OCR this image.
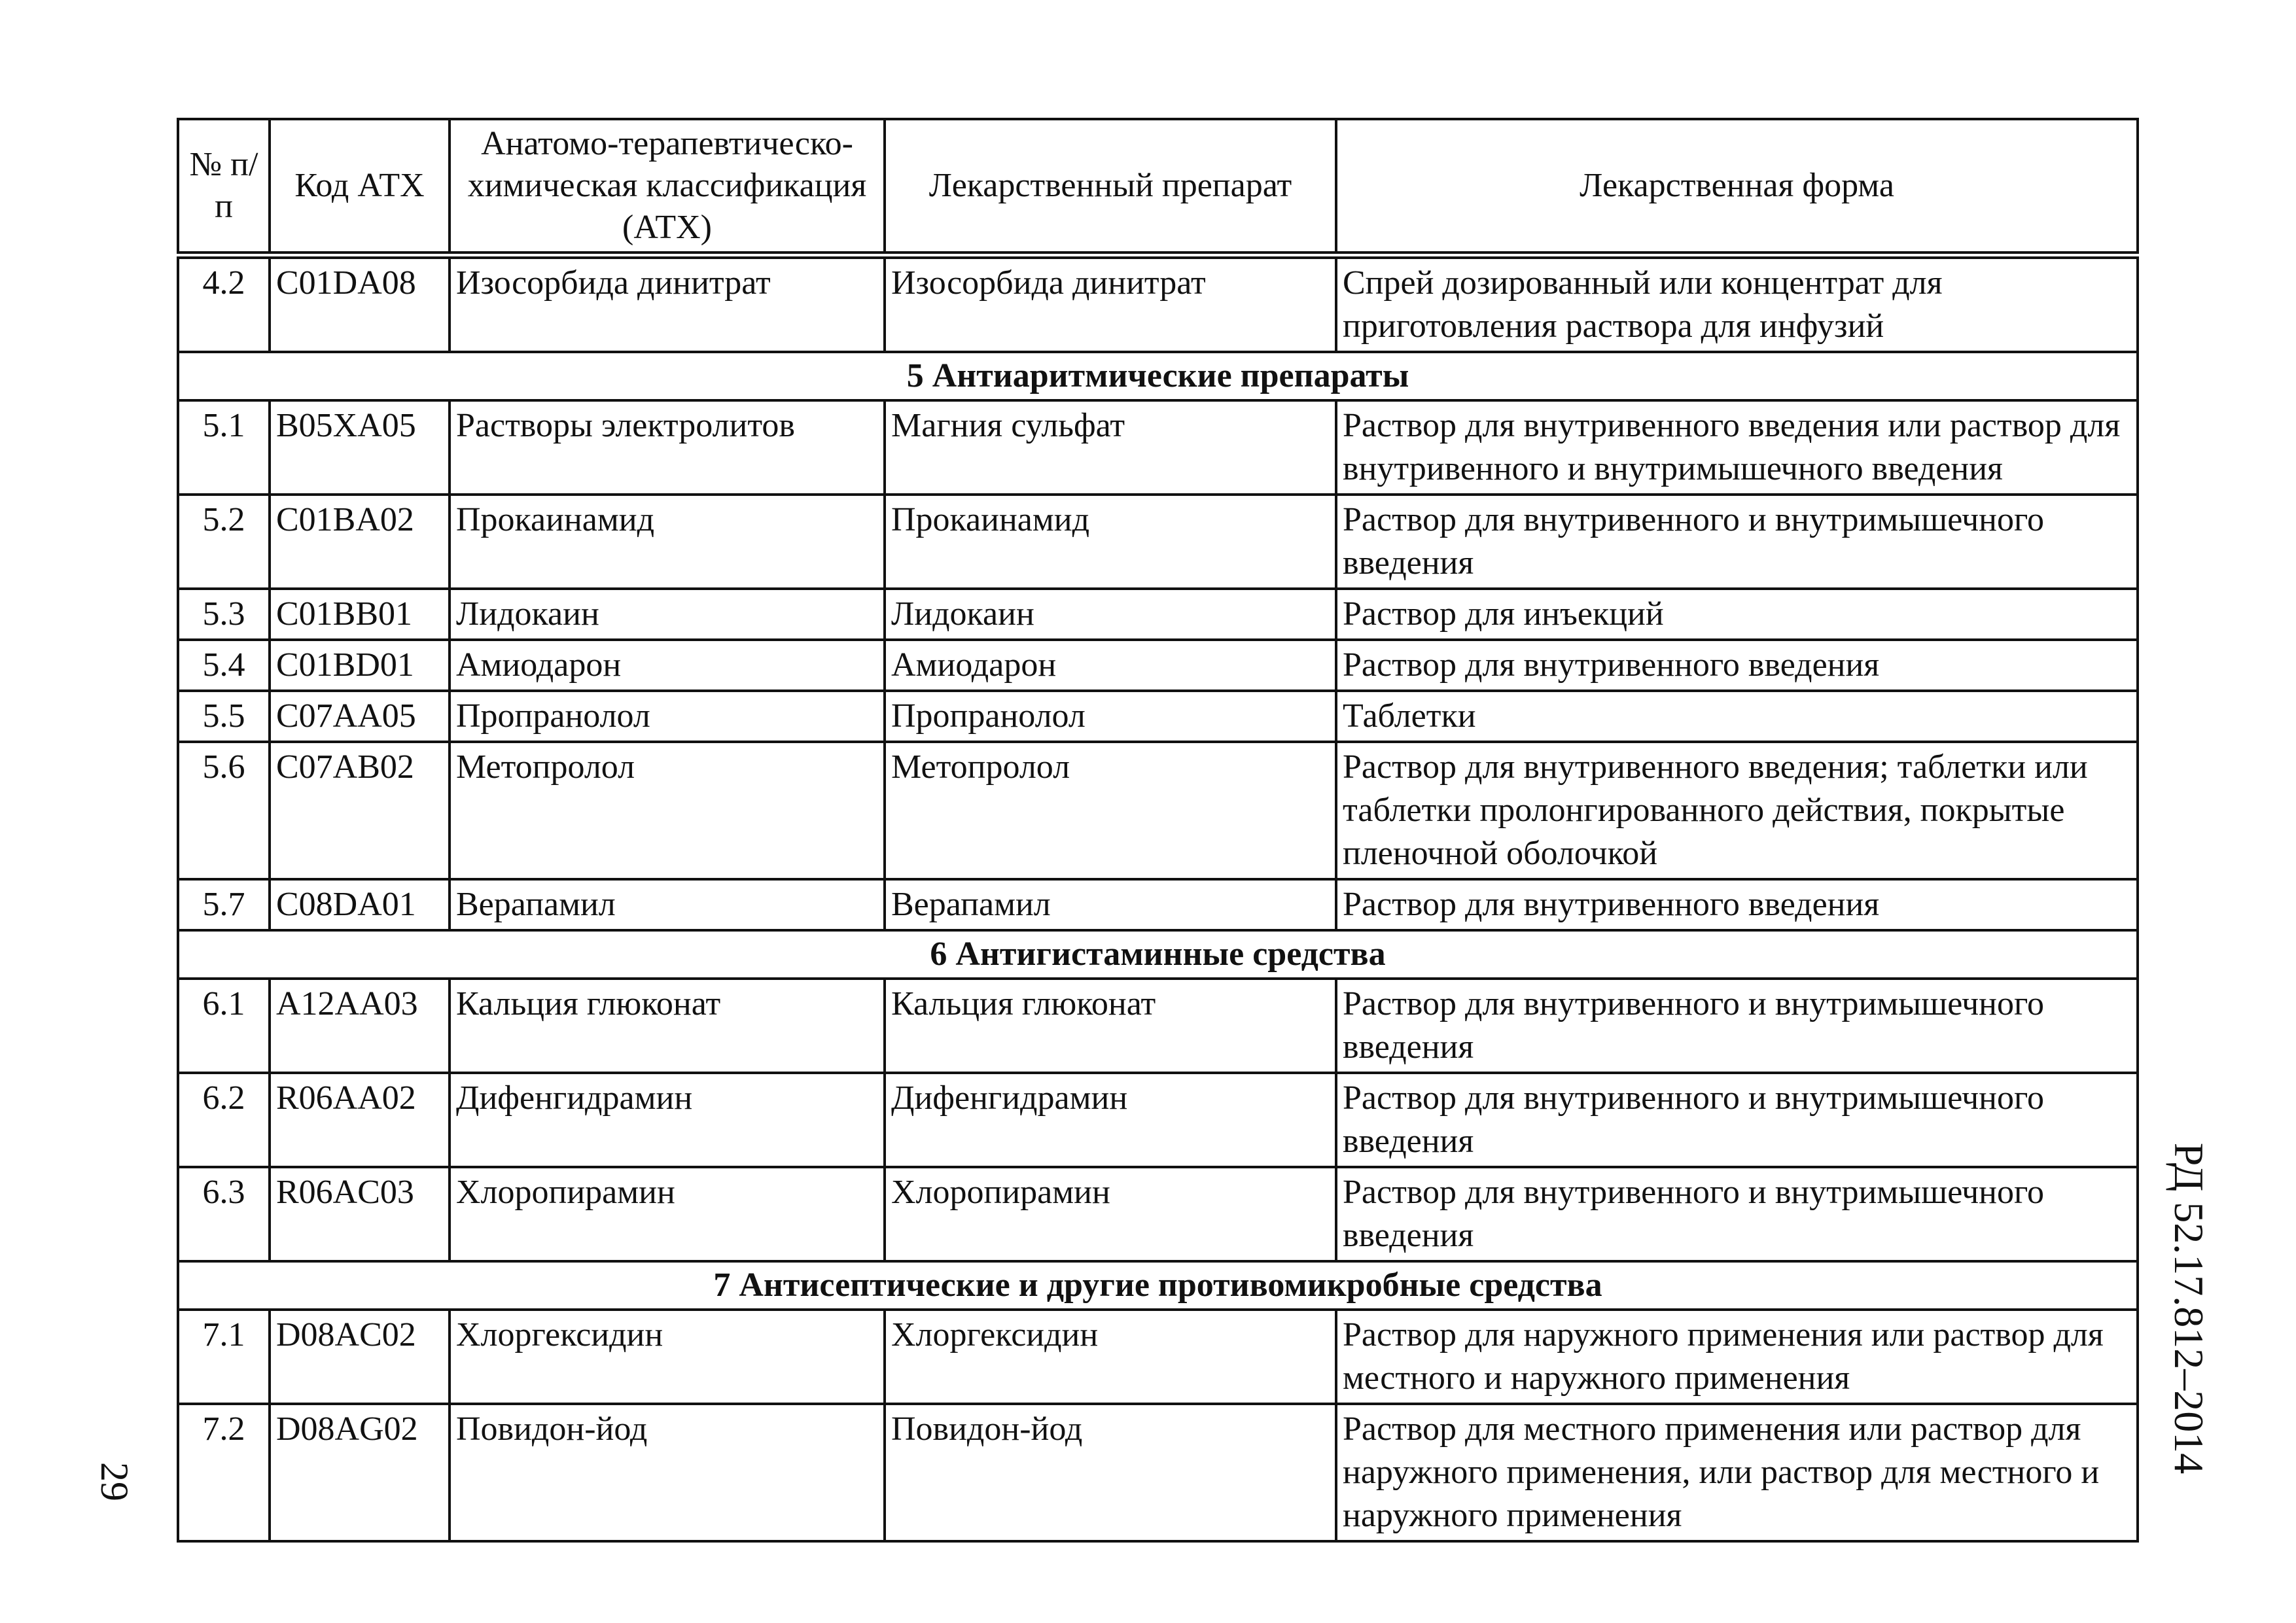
№ п/п	Код АТХ	Анатомо-терапевтическо-химическая классификация (АТХ)	Лекарственный препарат	Лекарственная форма
4.2	C01DA08	Изосорбида динитрат	Изосорбида динитрат	Спрей дозированный или концентрат для приготовления раствора для инфузий
5 Антиаритмические препараты				
5.1	B05XA05	Растворы электролитов	Магния сульфат	Раствор для внутривенного введения или раствор для внутривенного и внутримышечного введения
5.2	C01BA02	Прокаинамид	Прокаинамид	Раствор для внутривенного и внутримышечного введения
5.3	C01BB01	Лидокаин	Лидокаин	Раствор для инъекций
5.4	C01BD01	Амиодарон	Амиодарон	Раствор для внутривенного введения
5.5	C07AA05	Пропранолол	Пропранолол	Таблетки
5.6	C07AB02	Метопролол	Метопролол	Раствор для внутривенного введения; таблетки или таблетки пролонгированного действия, покрытые пленочной оболочкой
5.7	C08DA01	Верапамил	Верапамил	Раствор для внутривенного введения
6 Антигистаминные средства				
6.1	A12AA03	Кальция глюконат	Кальция глюконат	Раствор для внутривенного и внутримышечного введения
6.2	R06AA02	Дифенгидрамин	Дифенгидрамин	Раствор для внутривенного и внутримышечного введения
6.3	R06AC03	Хлоропирамин	Хлоропирамин	Раствор для внутривенного и внутримышечного введения
7 Антисептические и другие противомикробные средства				
7.1	D08AC02	Хлоргексидин	Хлоргексидин	Раствор для наружного применения или раствор для местного и наружного применения
7.2	D08AG02	Повидон-йод	Повидон-йод	Раствор для местного применения или раствор для наружного применения, или раствор для местного и наружного применения
РД 52.17.812–2014
29
